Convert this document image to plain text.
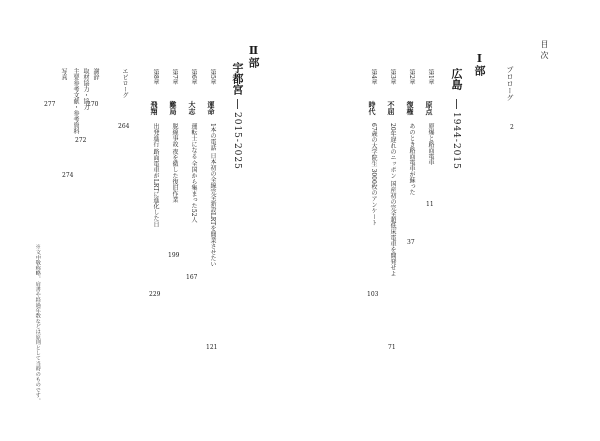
目次
プロローグ
2
Ⅰ部
広島
1944-2015
第1章
原点
原爆と路面電車
11
第2章
復権
あのとき路面電車が蘇った
37
第3章
不屈
20年遅れのニッポン 国産初の完全超低床電車を開発せよ
71
第4章
時代
67歳の大学院生 3000枚のアンケート
103
Ⅱ部
宇都宮
2015-2025
第5章
運命
1本の電話 日本初の全線完全新設LRTを開業させたい
121
第6章
大志
運転士になる 全国から集まった52人
167
第7章
難局
脱線事故 夜を徹した復旧作業
199
第8章
飛翔
出発進行 路面電車がLRTに進化した日
229
エピローグ
264
謝辞
270
取材協力・協力
272
主要参考文献・参考資料
274
写真
277
※文中敬称略。肩書や経過年数などは原則として当時のものです。
